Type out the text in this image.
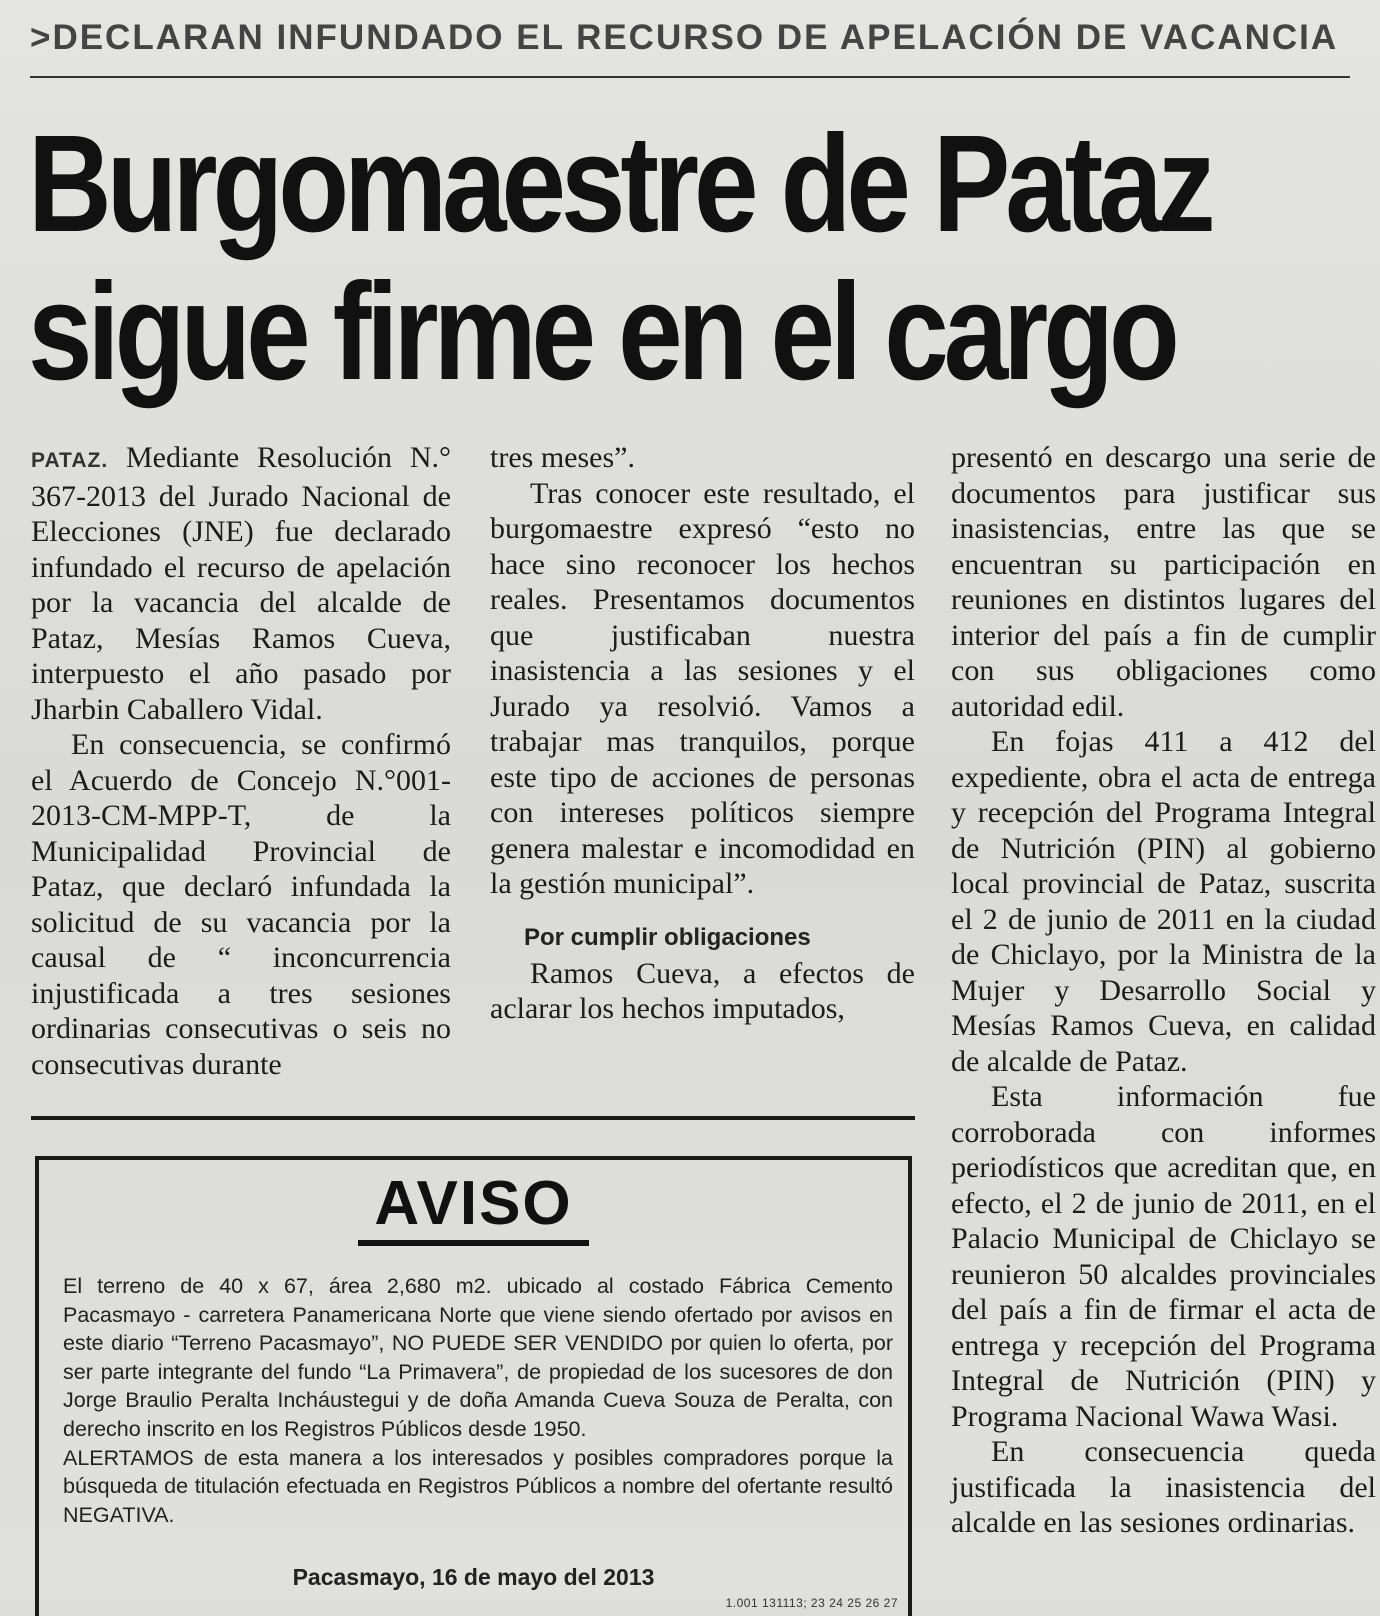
>DECLARAN INFUNDADO EL RECURSO DE APELACIÓN DE VACANCIA
Burgomaestre de Pataz
sigue firme en el cargo

PATAZ. Mediante Resolución N.° 367-2013 del Jurado Nacional de Elecciones (JNE) fue declarado infundado el recurso de apelación por la vacancia del alcalde de Pataz, Mesías Ramos Cueva, interpuesto el año pasado por Jharbin Caballero Vidal.

En consecuencia, se confirmó el Acuerdo de Concejo N.°001-2013-CM-MPP-T, de la Municipalidad Provincial de Pataz, que declaró infundada la solicitud de su vacancia por la causal de “ inconcurrencia injustificada a tres sesiones ordinarias consecutivas o seis no consecutivas durante

tres meses”.

Tras conocer este resultado, el burgomaestre expresó “esto no hace sino reconocer los hechos reales. Presentamos documentos que justificaban nuestra inasistencia a las sesiones y el Jurado ya resolvió. Vamos a trabajar mas tranquilos, porque este tipo de acciones de personas con intereses políticos siempre genera malestar e incomodidad en la gestión municipal”.

Por cumplir obligaciones

Ramos Cueva, a efectos de aclarar los hechos imputados,

presentó en descargo una serie de documentos para justificar sus inasistencias, entre las que se encuentran su participación en reuniones en distintos lugares del interior del país a fin de cumplir con sus obligaciones como autoridad edil.

En fojas 411 a 412 del expediente, obra el acta de entrega y recepción del Programa Integral de Nutrición (PIN) al gobierno local provincial de Pataz, suscrita el 2 de junio de 2011 en la ciudad de Chiclayo, por la Ministra de la Mujer y Desarrollo Social y Mesías Ramos Cueva, en calidad de alcalde de Pataz.

Esta información fue corroborada con informes periodísticos que acreditan que, en efecto, el 2 de junio de 2011, en el Palacio Municipal de Chiclayo se reunieron 50 alcaldes provinciales del país a fin de firmar el acta de entrega y recepción del Programa Integral de Nutrición (PIN) y Programa Nacional Wawa Wasi.

En consecuencia queda justificada la inasistencia del alcalde en las sesiones ordinarias.

AVISO

El terreno de 40 x 67, área 2,680 m2. ubicado al costado Fábrica Cemento Pacasmayo - carretera Panamericana Norte que viene siendo ofertado por avisos en este diario “Terreno Pacasmayo”, NO PUEDE SER VENDIDO por quien lo oferta, por ser parte integrante del fundo “La Primavera”, de propiedad de los sucesores de don Jorge Braulio Peralta Incháustegui y de doña Amanda Cueva Souza de Peralta, con derecho inscrito en los Registros Públicos desde 1950.

ALERTAMOS de esta manera a los interesados y posibles compradores porque la búsqueda de titulación efectuada en Registros Públicos a nombre del ofertante resultó NEGATIVA.

Pacasmayo, 16 de mayo del 2013
1.001 131113; 23 24 25 26 27
